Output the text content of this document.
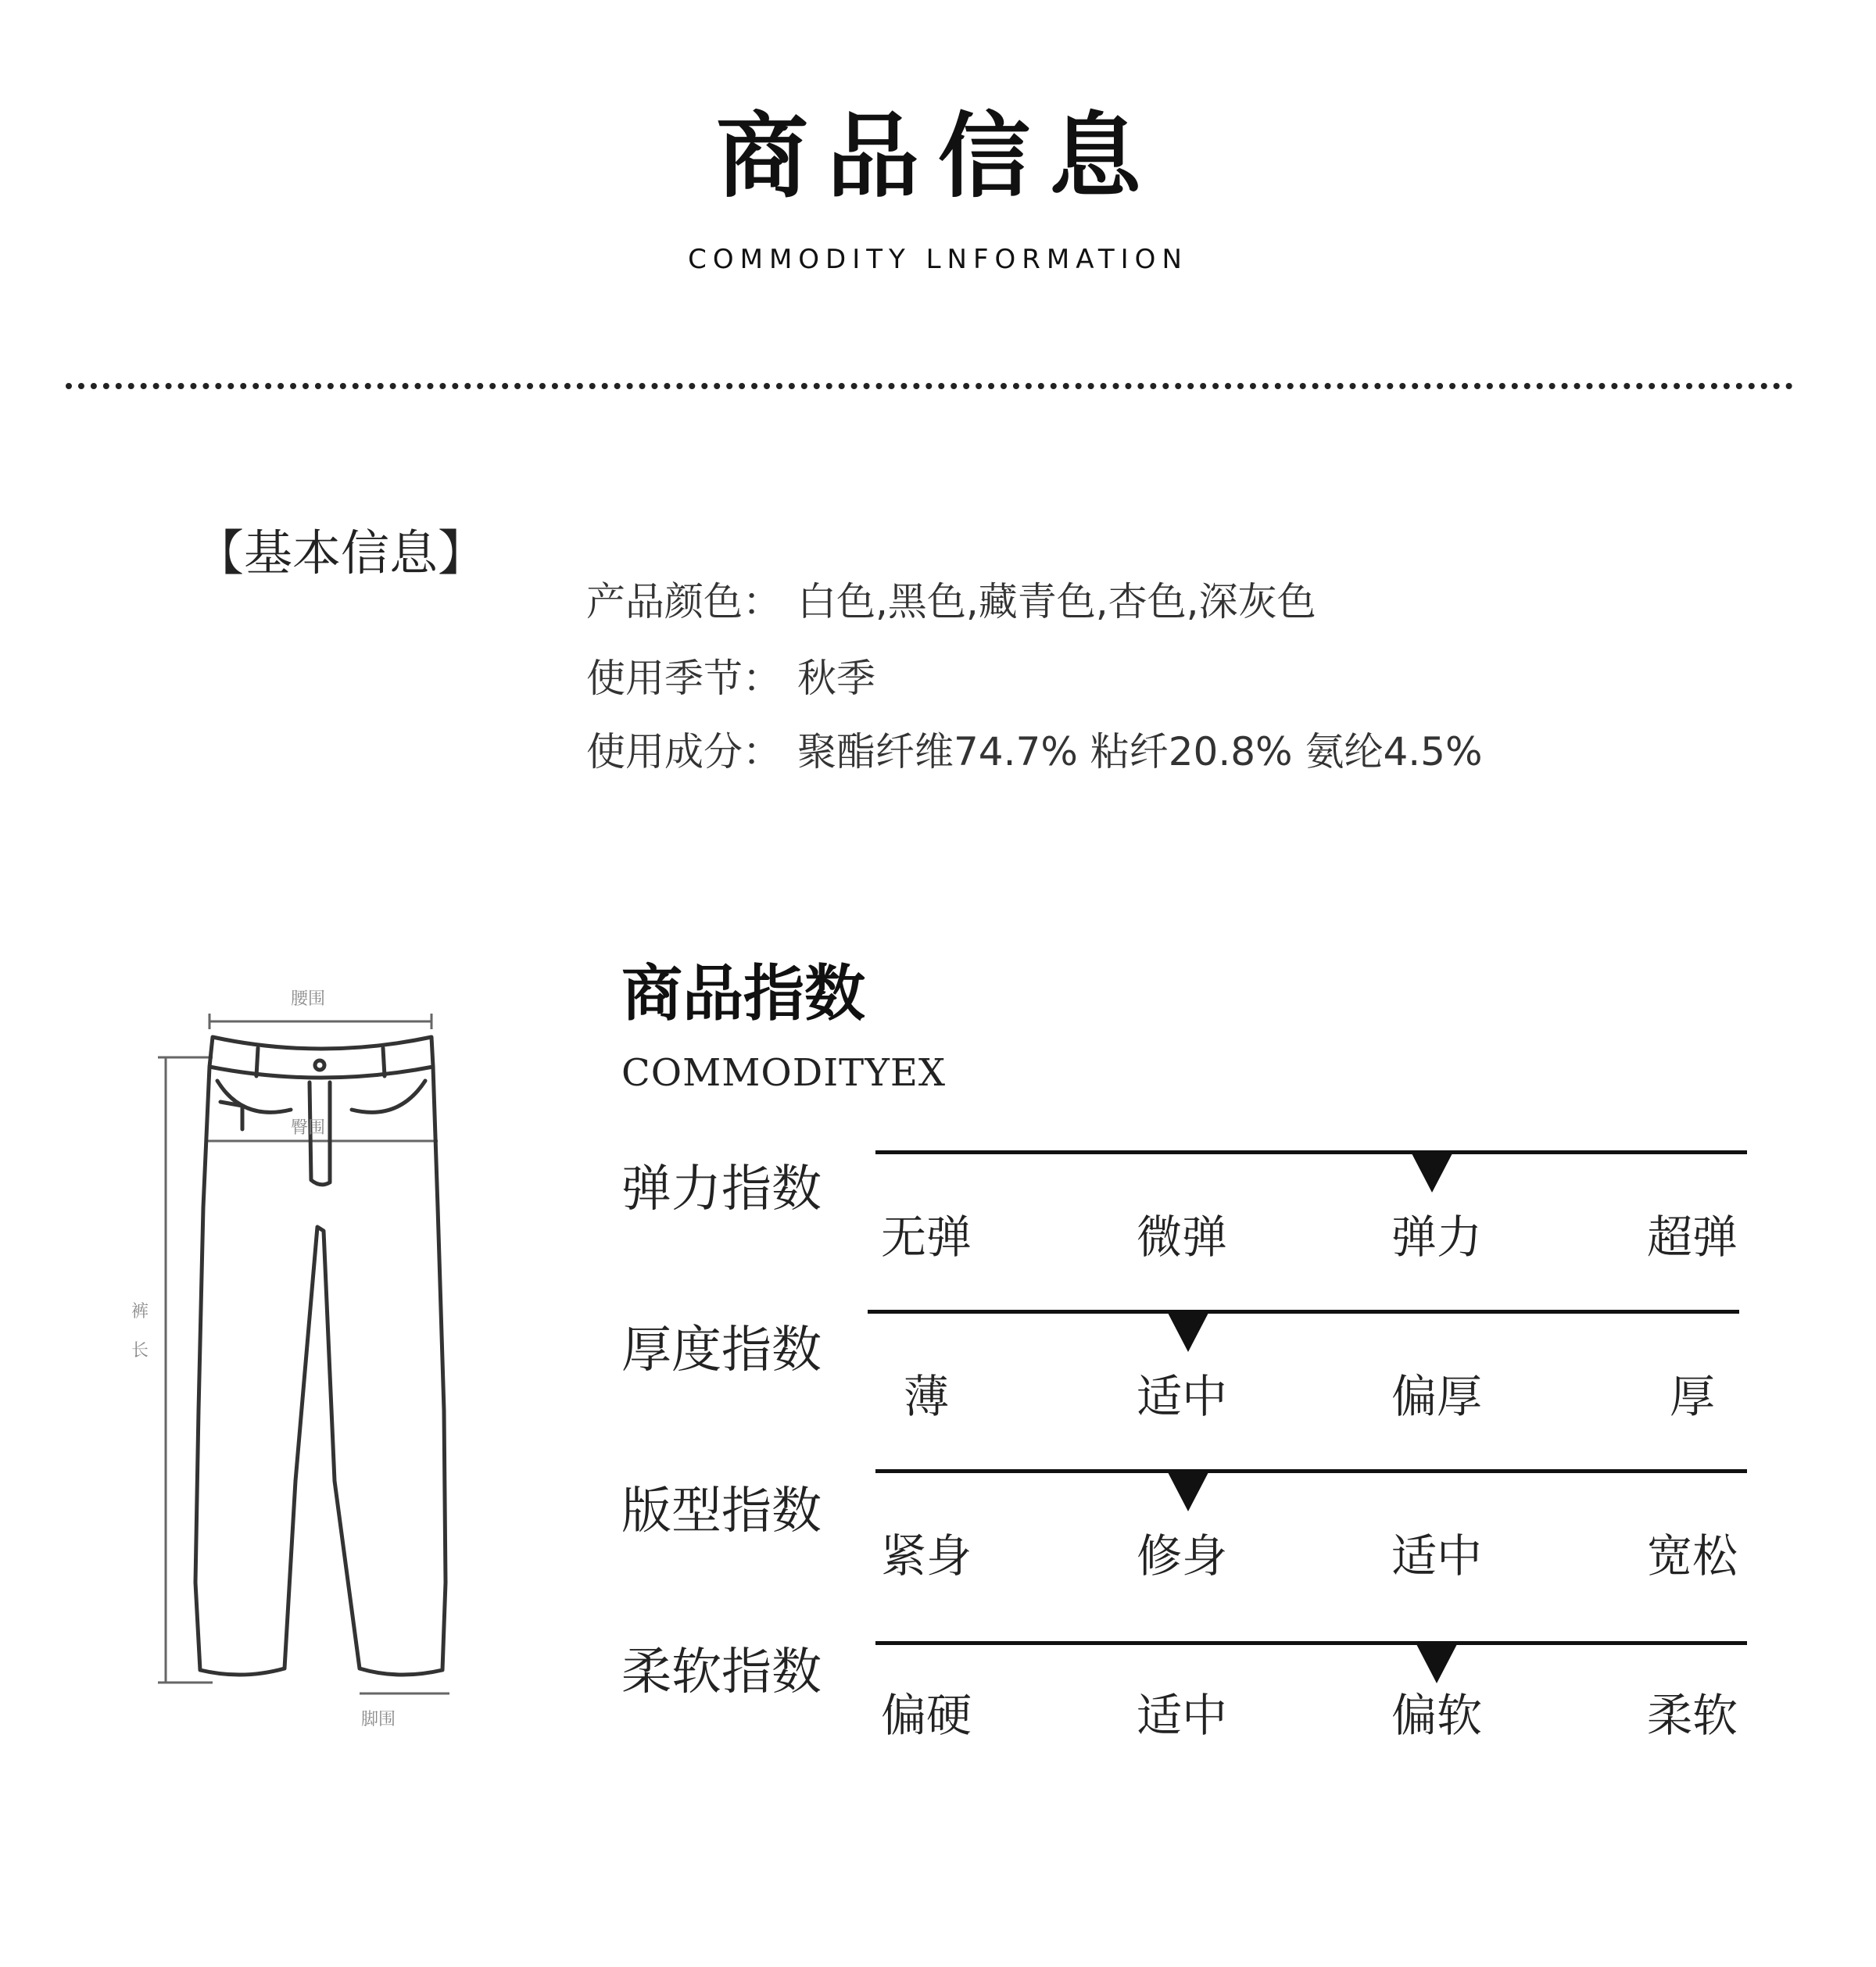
商品信息
COMMODITY LNFORMATION
【基本信息】
产品颜色： 白色,黑色,藏青色,杏色,深灰色
使用季节： 秋季
使用成分： 聚酯纤维74.7% 粘纤20.8% 氨纶4.5%
腰围
臀围
裤
长
脚围
商品指数
COMMODITYEX
弹力指数
无弹	微弹	弹力	超弹
厚度指数
薄	适中	偏厚	厚
版型指数
紧身	修身	适中	宽松
柔软指数
偏硬	适中	偏软	柔软
